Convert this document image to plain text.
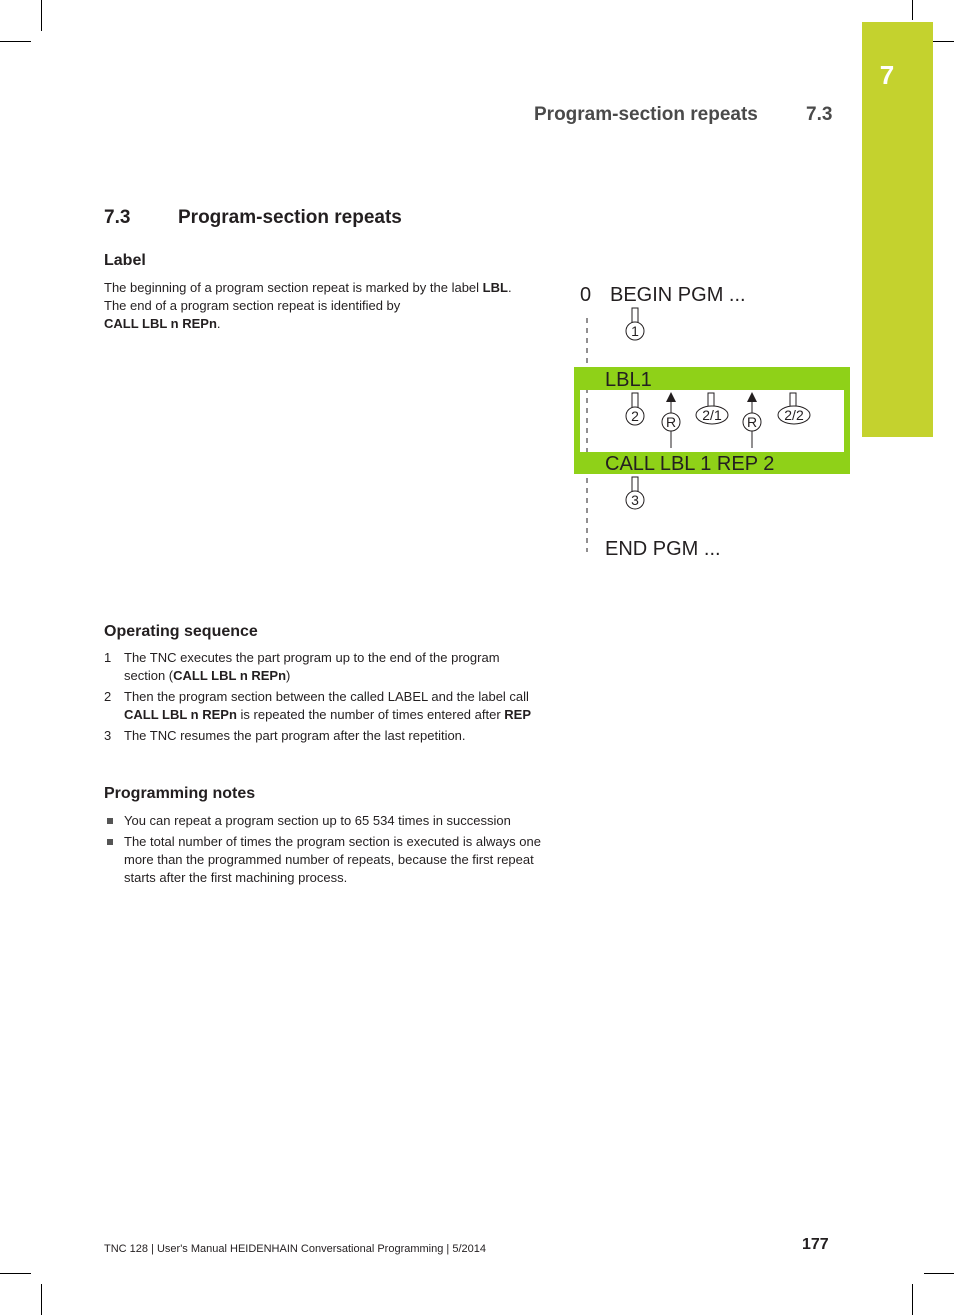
7
Program-section repeats	7.3
7.3	Program-section repeats
Label
The beginning of a program section repeat is marked by the label LBL. The end of a program section repeat is identified by
CALL LBL n REPn.
0 BEGIN PGM ...
LBL1
CALL LBL 1 REP 2
END PGM ...
1
2 R 2/1 R 2/2
3
Operating sequence
1 The TNC executes the part program up to the end of the program section (CALL LBL n REPn)
2 Then the program section between the called LABEL and the label call CALL LBL n REPn is repeated the number of times entered after REP
3 The TNC resumes the part program after the last repetition.
Programming notes
You can repeat a program section up to 65 534 times in succession
The total number of times the program section is executed is always one more than the programmed number of repeats, because the first repeat starts after the first machining process.
TNC 128 | User's Manual HEIDENHAIN Conversational Programming | 5/2014	177
